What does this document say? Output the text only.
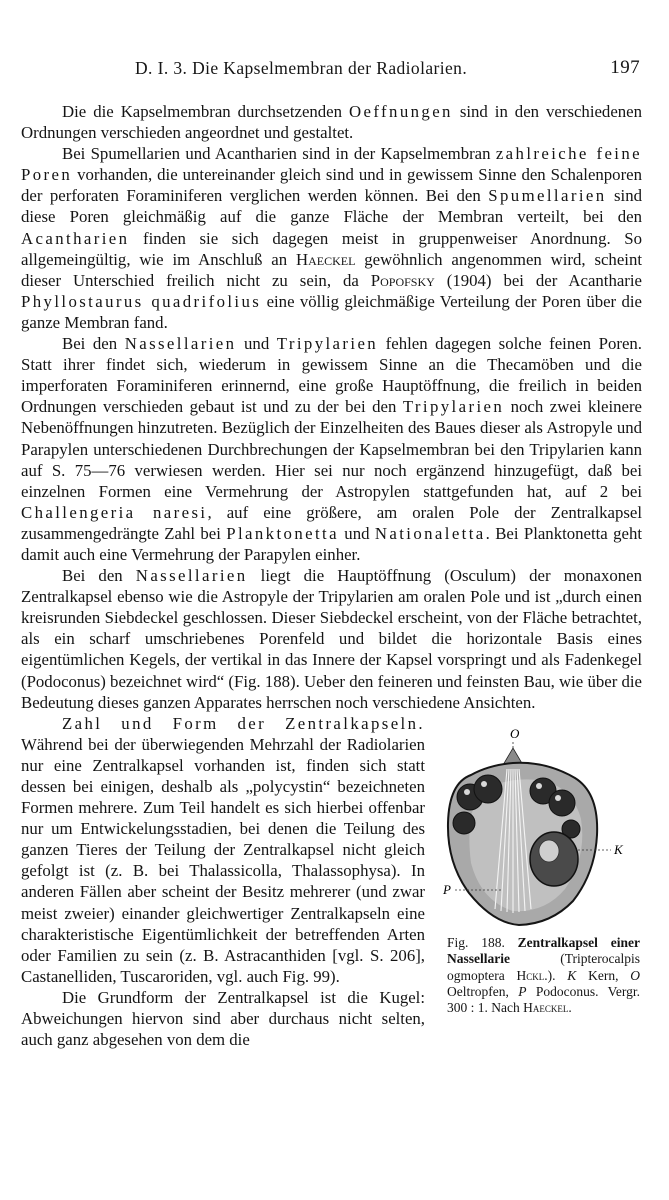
D. I. 3. Die Kapselmembran der Radiolarien.	197

Die die Kapselmembran durchsetzenden Oeffnungen sind in den verschiedenen Ordnungen verschieden angeordnet und gestaltet.

Bei Spumellarien und Acantharien sind in der Kapselmembran zahlreiche feine Poren vorhanden, die untereinander gleich sind und in gewissem Sinne den Schalenporen der perforaten Foraminiferen verglichen werden können. Bei den Spumellarien sind diese Poren gleichmäßig auf die ganze Fläche der Membran verteilt, bei den Acantharien finden sie sich dagegen meist in gruppenweiser Anordnung. So allgemeingültig, wie im Anschluß an Haeckel gewöhnlich angenommen wird, scheint dieser Unterschied freilich nicht zu sein, da Popofsky (1904) bei der Acantharie Phyllostaurus quadrifolius eine völlig gleichmäßige Verteilung der Poren über die ganze Membran fand.

Bei den Nassellarien und Tripylarien fehlen dagegen solche feinen Poren. Statt ihrer findet sich, wiederum in gewissem Sinne an die Thecamöben und die imperforaten Foraminiferen erinnernd, eine große Hauptöffnung, die freilich in beiden Ordnungen verschieden gebaut ist und zu der bei den Tripylarien noch zwei kleinere Nebenöffnungen hinzutreten. Bezüglich der Einzelheiten des Baues dieser als Astropyle und Parapylen unterschiedenen Durchbrechungen der Kapselmembran bei den Tripylarien kann auf S. 75—76 verwiesen werden. Hier sei nur noch ergänzend hinzugefügt, daß bei einzelnen Formen eine Vermehrung der Astropylen stattgefunden hat, auf 2 bei Challengeria naresi, auf eine größere, am oralen Pole der Zentralkapsel zusammengedrängte Zahl bei Planktonetta und Nationaletta. Bei Planktonetta geht damit auch eine Vermehrung der Parapylen einher.

Bei den Nassellarien liegt die Hauptöffnung (Osculum) der monaxonen Zentralkapsel ebenso wie die Astropyle der Tripylarien am oralen Pole und ist „durch einen kreisrunden Siebdeckel geschlossen. Dieser Siebdeckel erscheint, von der Fläche betrachtet, als ein scharf umschriebenes Porenfeld und bildet die horizontale Basis eines eigentümlichen Kegels, der vertikal in das Innere der Kapsel vorspringt und als Fadenkegel (Podoconus) bezeichnet wird“ (Fig. 188). Ueber den feineren und feinsten Bau, wie über die Bedeutung dieses ganzen Apparates herrschen noch verschiedene Ansichten.

O
K
P
Fig. 188. Zentralkapsel einer Nassellarie	(Tripterocalpis ogmoptera Hckl.). K Kern, O Oeltropfen, P Podoconus. Vergr. 300 : 1. Nach Haeckel.

Zahl und Form der Zentralkapseln. Während bei der überwiegenden Mehrzahl der Radiolarien nur eine Zentralkapsel vorhanden ist, finden sich statt dessen bei einigen, deshalb als „polycystin“ bezeichneten Formen mehrere. Zum Teil handelt es sich hierbei offenbar nur um Entwickelungsstadien, bei denen die Teilung des ganzen Tieres der Teilung der Zentralkapsel nicht gleich gefolgt ist (z. B. bei Thalassicolla, Thalassophysa). In anderen Fällen aber scheint der Besitz mehrerer (und zwar meist zweier) einander gleichwertiger Zentralkapseln eine charakteristische Eigentümlichkeit der betreffenden Arten oder Familien zu sein (z. B. Astracanthiden [vgl. S. 206], Castanelliden, Tuscaroriden, vgl. auch Fig. 99).

Die Grundform der Zentralkapsel ist die Kugel: Abweichungen hiervon sind aber durchaus nicht selten, auch ganz abgesehen von dem die
